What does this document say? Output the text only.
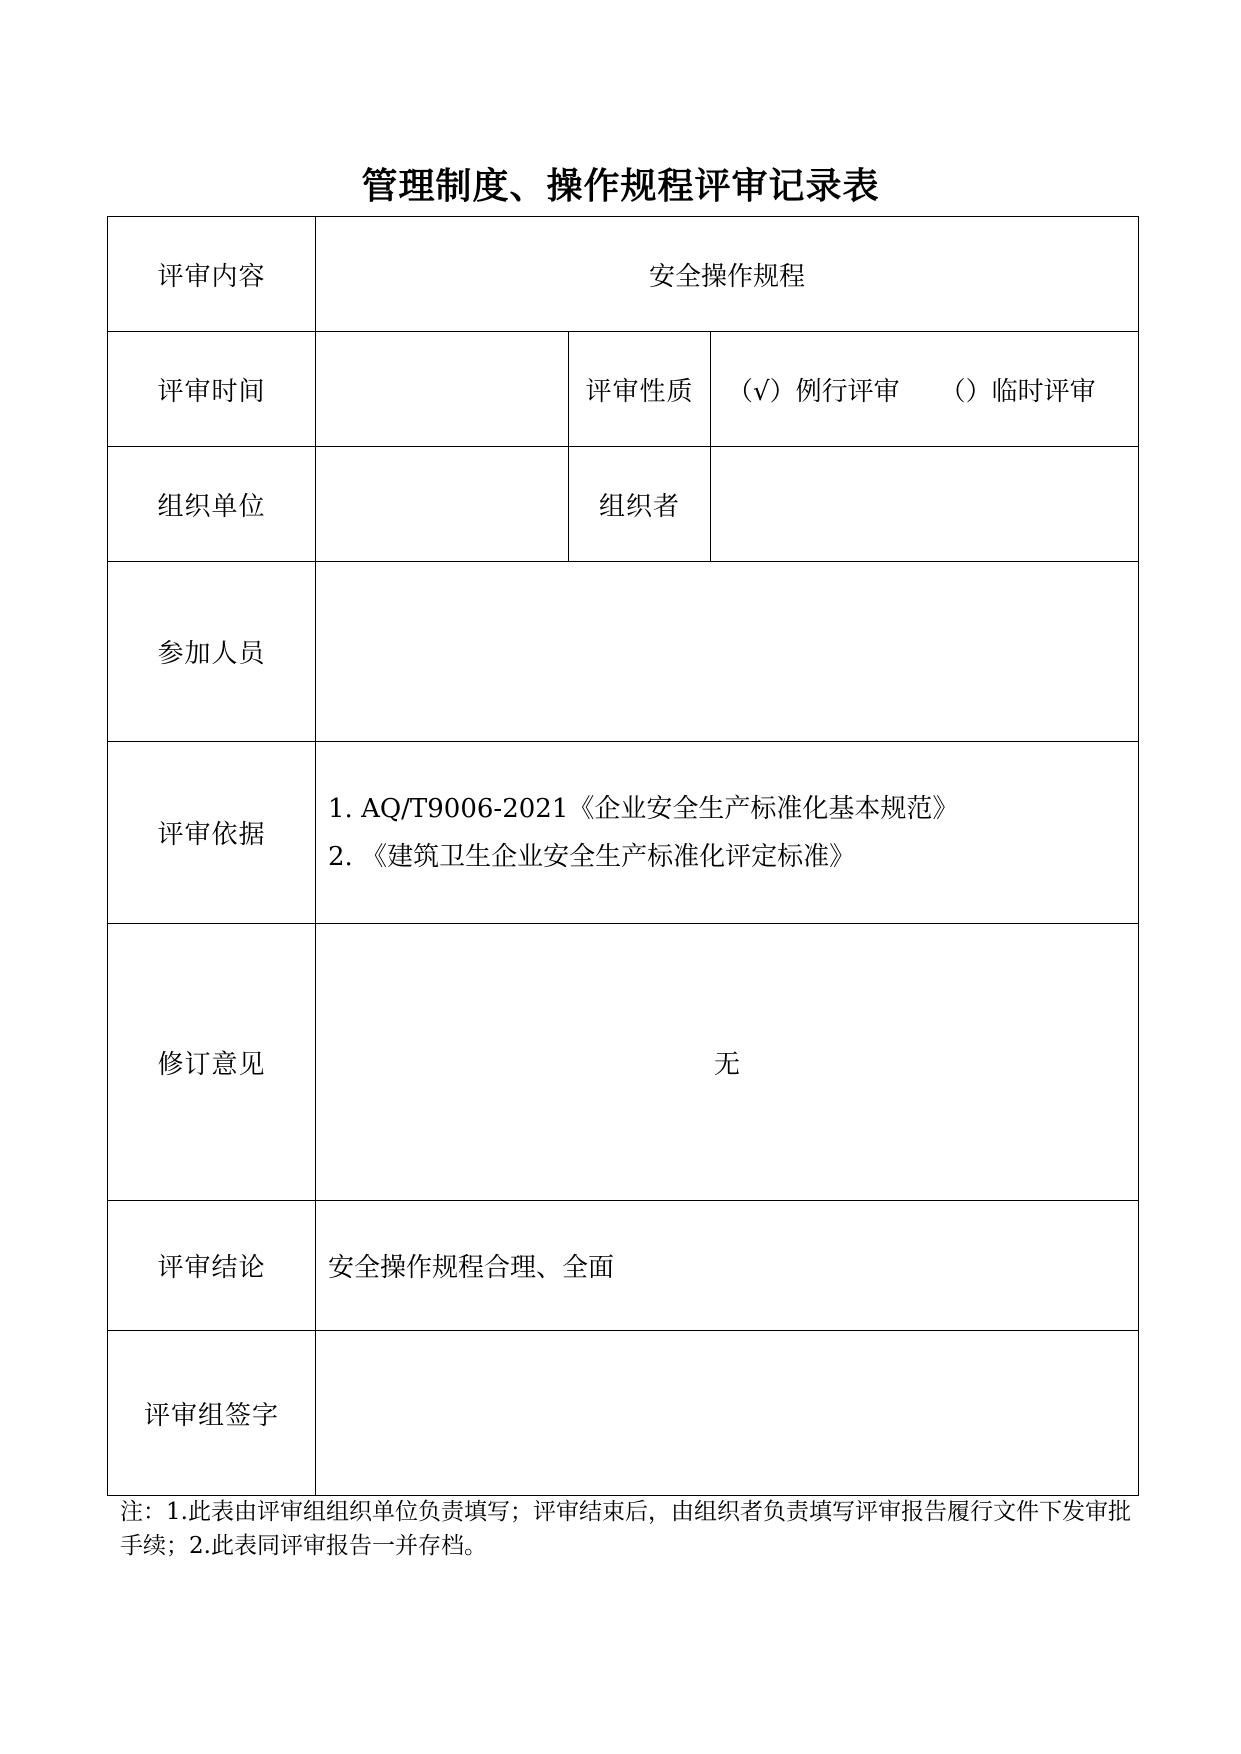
管理制度、操作规程评审记录表
评审内容	安全操作规程		
评审时间		评审性质	（√）例行评审 （）临时评审
组织单位		组织者	
参加人员			
评审依据	1. AQ/T9006-2021《企业安全生产标准化基本规范》
2. 《建筑卫生企业安全生产标准化评定标准》		

修订意见	无		
评审结论	安全操作规程合理、全面		
评审组签字			
注：1.此表由评审组组织单位负责填写；评审结束后，由组织者负责填写评审报告履行文件下发审批手续；2.此表同评审报告一并存档。
